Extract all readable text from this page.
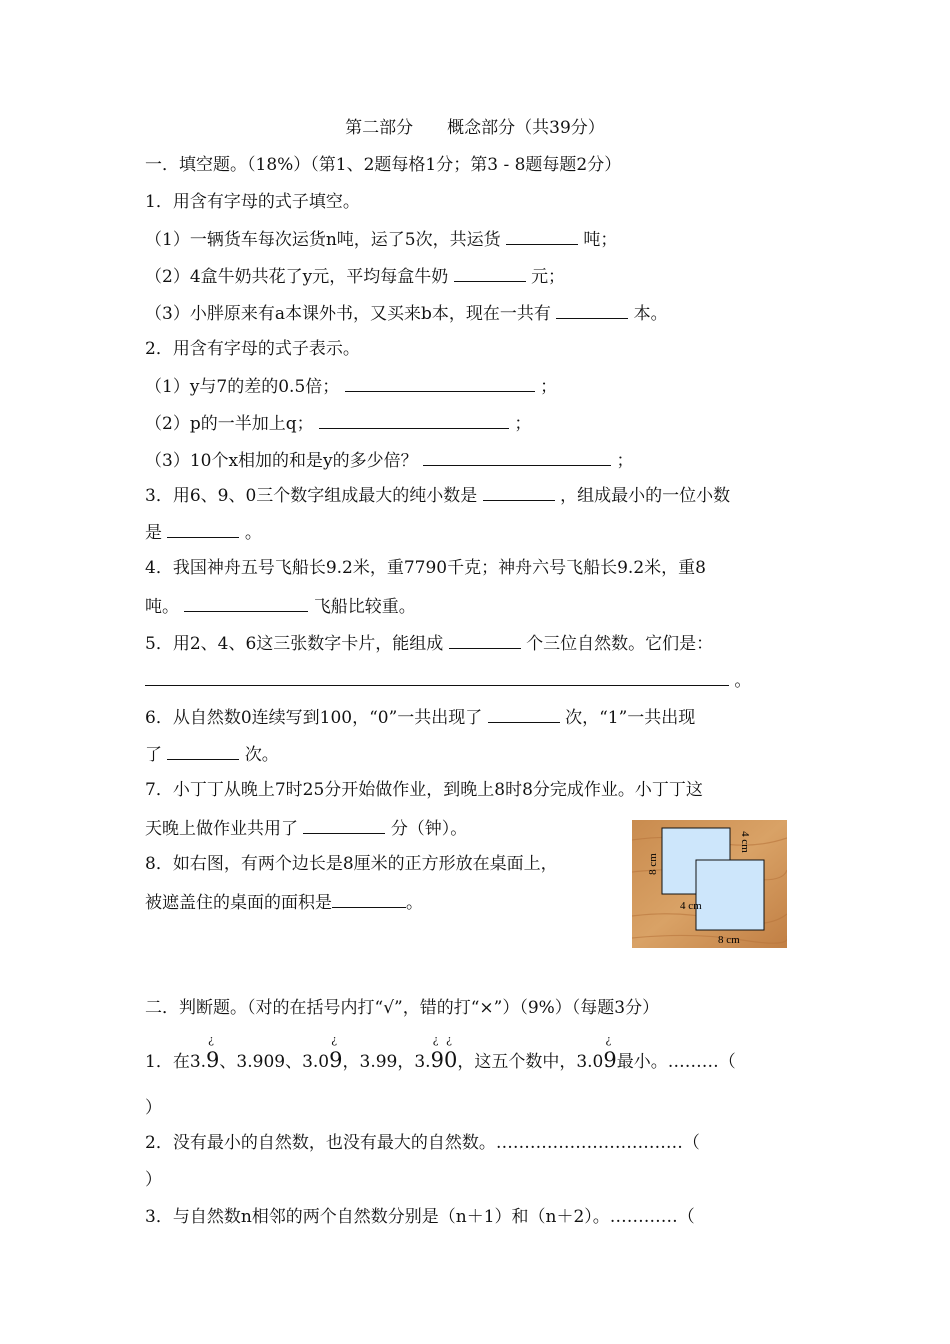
第二部分　　概念部分（共39分）
一．填空题。（18%）（第1、2题每格1分；第3 - 8题每题2分）
1．用含有字母的式子填空。
（1）一辆货车每次运货n吨，运了5次，共运货	吨；
（2）4盒牛奶共花了y元，平均每盒牛奶	元；
（3）小胖原来有a本课外书，又买来b本，现在一共有	本。
2．用含有字母的式子表示。
（1）y与7的差的0.5倍；	；
（2）p的一半加上q；	；
（3）10个x相加的和是y的多少倍？	；
3．用6、9、0三个数字组成最大的纯小数是	，组成最小的一位小数
是	。
4．我国神舟五号飞船长9.2米，重7790千克；神舟六号飞船长9.2米，重8
吨。	飞船比较重。
5．用2、4、6这三张数字卡片，能组成	个三位自然数。它们是：
。
6．从自然数0连续写到100，“0”一共出现了	次，“1”一共出现
了	次。
7．小丁丁从晚上7时25分开始做作业，到晚上8时8分完成作业。小丁丁这
天晚上做作业共用了	分（钟）。
8．如右图，有两个边长是8厘米的正方形放在桌面上，
被遮盖住的桌面的面积是	。
8 cm
4 cm
4 cm
8 cm
二．判断题。（对的在括号内打“√”，错的打“×”）（9%）（每题3分）
1．在3.
¿
9、3.909、3.0
¿
9，3.99，3.
¿
9
¿
0，这五个数中，3.0
¿
9最小。………（
）
2．没有最小的自然数，也没有最大的自然数。……………………………（
）
3．与自然数n相邻的两个自然数分别是（n＋1）和（n＋2）。…………（
